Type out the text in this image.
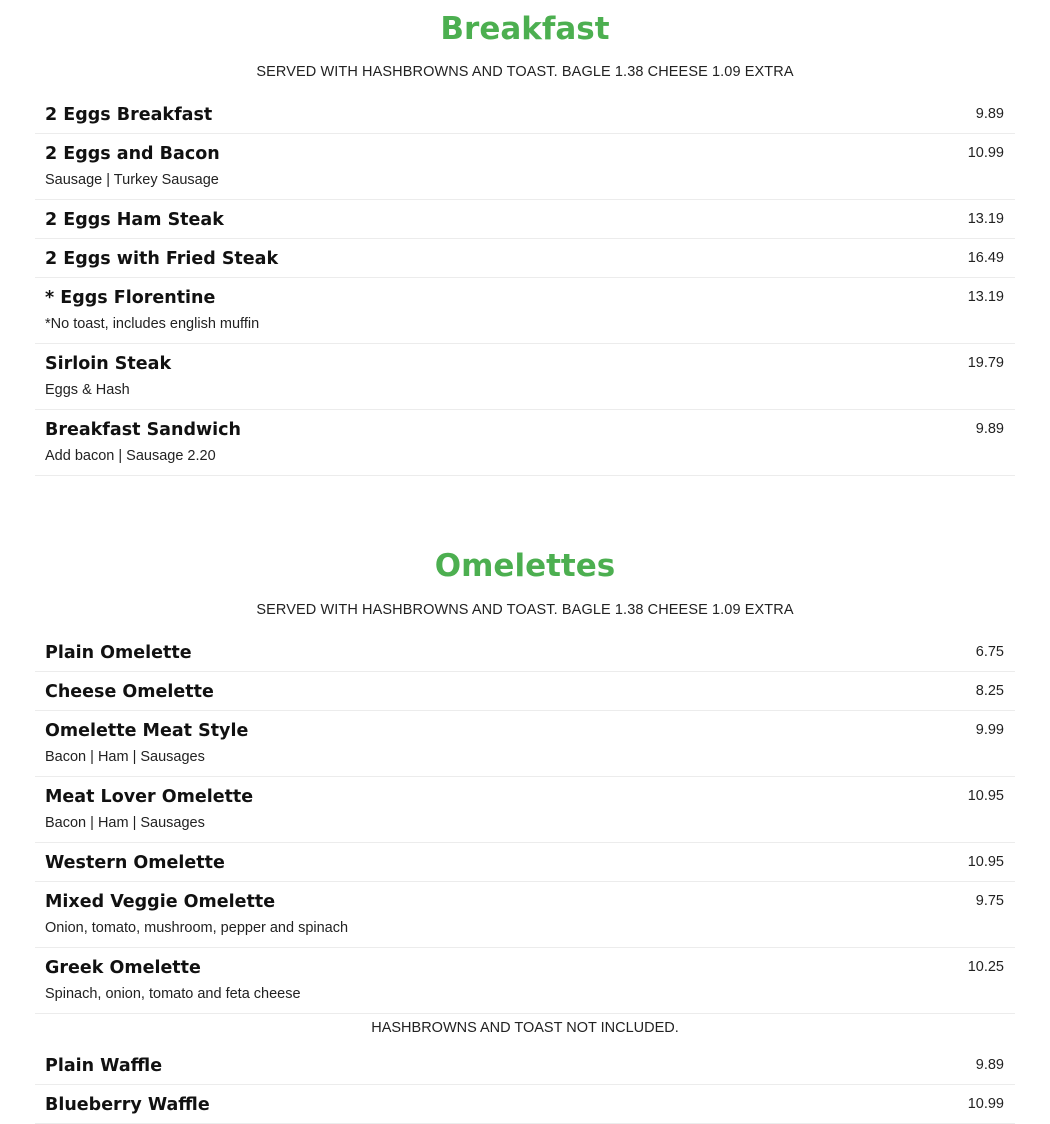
Breakfast
SERVED WITH HASHBROWNS AND TOAST. BAGLE 1.38 CHEESE 1.09 EXTRA
2 Eggs Breakfast	9.89
2 Eggs and Bacon	10.99
Sausage | Turkey Sausage
2 Eggs Ham Steak	13.19
2 Eggs with Fried Steak	16.49
* Eggs Florentine	13.19
*No toast, includes english muffin
Sirloin Steak	19.79
Eggs & Hash
Breakfast Sandwich	9.89
Add bacon | Sausage 2.20
Omelettes
SERVED WITH HASHBROWNS AND TOAST. BAGLE 1.38 CHEESE 1.09 EXTRA
Plain Omelette	6.75
Cheese Omelette	8.25
Omelette Meat Style	9.99
Bacon | Ham | Sausages
Meat Lover Omelette	10.95
Bacon | Ham | Sausages
Western Omelette	10.95
Mixed Veggie Omelette	9.75
Onion, tomato, mushroom, pepper and spinach
Greek Omelette	10.25
Spinach, onion, tomato and feta cheese
HASHBROWNS AND TOAST NOT INCLUDED.
Plain Waffle	9.89
Blueberry Waffle	10.99
